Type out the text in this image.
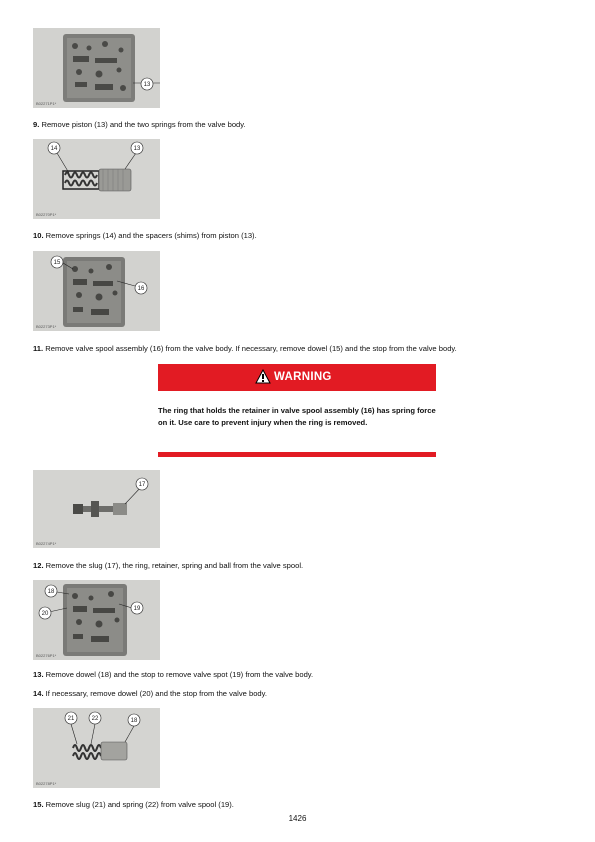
13
B02271P1*
9. Remove piston (13) and the two springs from the valve body.
14	13
B02270P1*
10. Remove springs (14) and the spacers (shims) from piston (13).
15
16
B02273P1*
11. Remove valve spool assembly (16) from the valve body. If necessary, remove dowel (15) and the stop from the valve body.
WARNING
The ring that holds the retainer in valve spool assembly (16) has spring force on it. Use care to prevent injury when the ring is removed.
17
B02274P1*
12. Remove the slug (17), the ring, retainer, spring and ball from the valve spool.
18
20
19
B02276P1*
13. Remove dowel (18) and the stop to remove valve spot (19) from the valve body.
14. If necessary, remove dowel (20) and the stop from the valve body.
21	22	18
B02278P1*
15. Remove slug (21) and spring (22) from valve spool (19).
1426
